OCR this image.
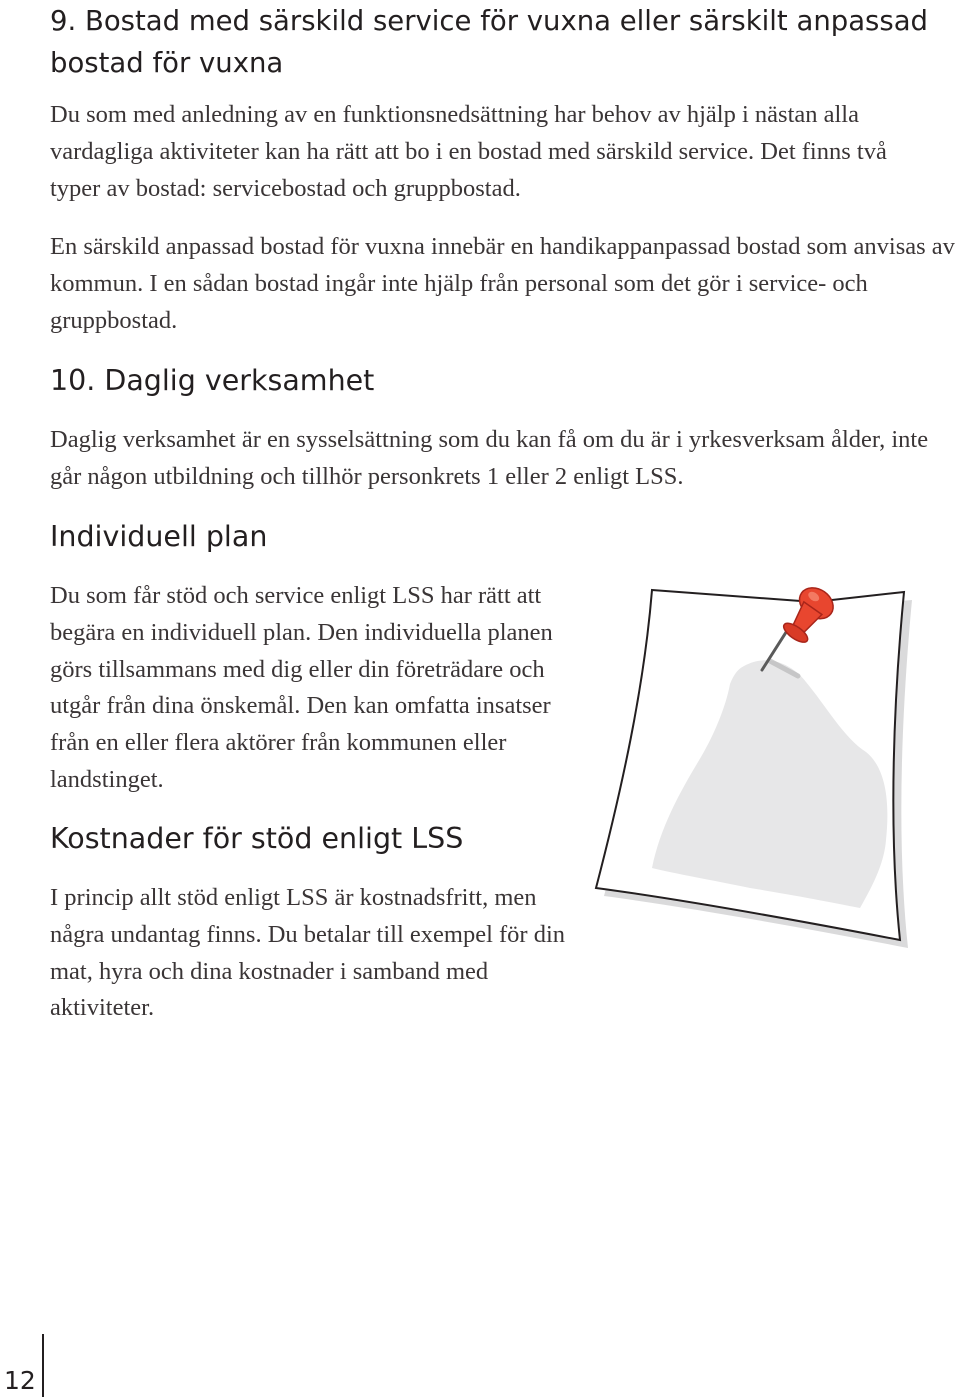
9. Bostad med särskild service för vuxna eller särskilt anpassad bostad för vuxna

Du som med anledning av en funktionsnedsättning har behov av hjälp i nästan alla vardagliga aktiviteter kan ha rätt att bo i en bostad med särskild service. Det finns två typer av bostad: servicebostad och gruppbostad.

En särskild anpassad bostad för vuxna innebär en handikappanpassad bostad som anvisas av kommun. I en sådan bostad ingår inte hjälp från personal som det gör i service- och gruppbostad.

10. Daglig verksamhet

Daglig verksamhet är en sysselsättning som du kan få om du är i yrkesverksam ålder, inte går någon utbildning och tillhör personkrets 1 eller 2 enligt LSS.

Individuell plan

Du som får stöd och service enligt LSS har rätt att begära en individuell plan. Den individuella planen görs tillsammans med dig eller din företrädare och utgår från dina önskemål. Den kan omfatta insatser från en eller flera aktörer från kommunen eller landstinget.

Kostnader för stöd enligt LSS

I princip allt stöd enligt LSS är kostnadsfritt, men några undantag finns. Du betalar till exempel för din mat, hyra och dina kostnader i samband med aktiviteter.

12
